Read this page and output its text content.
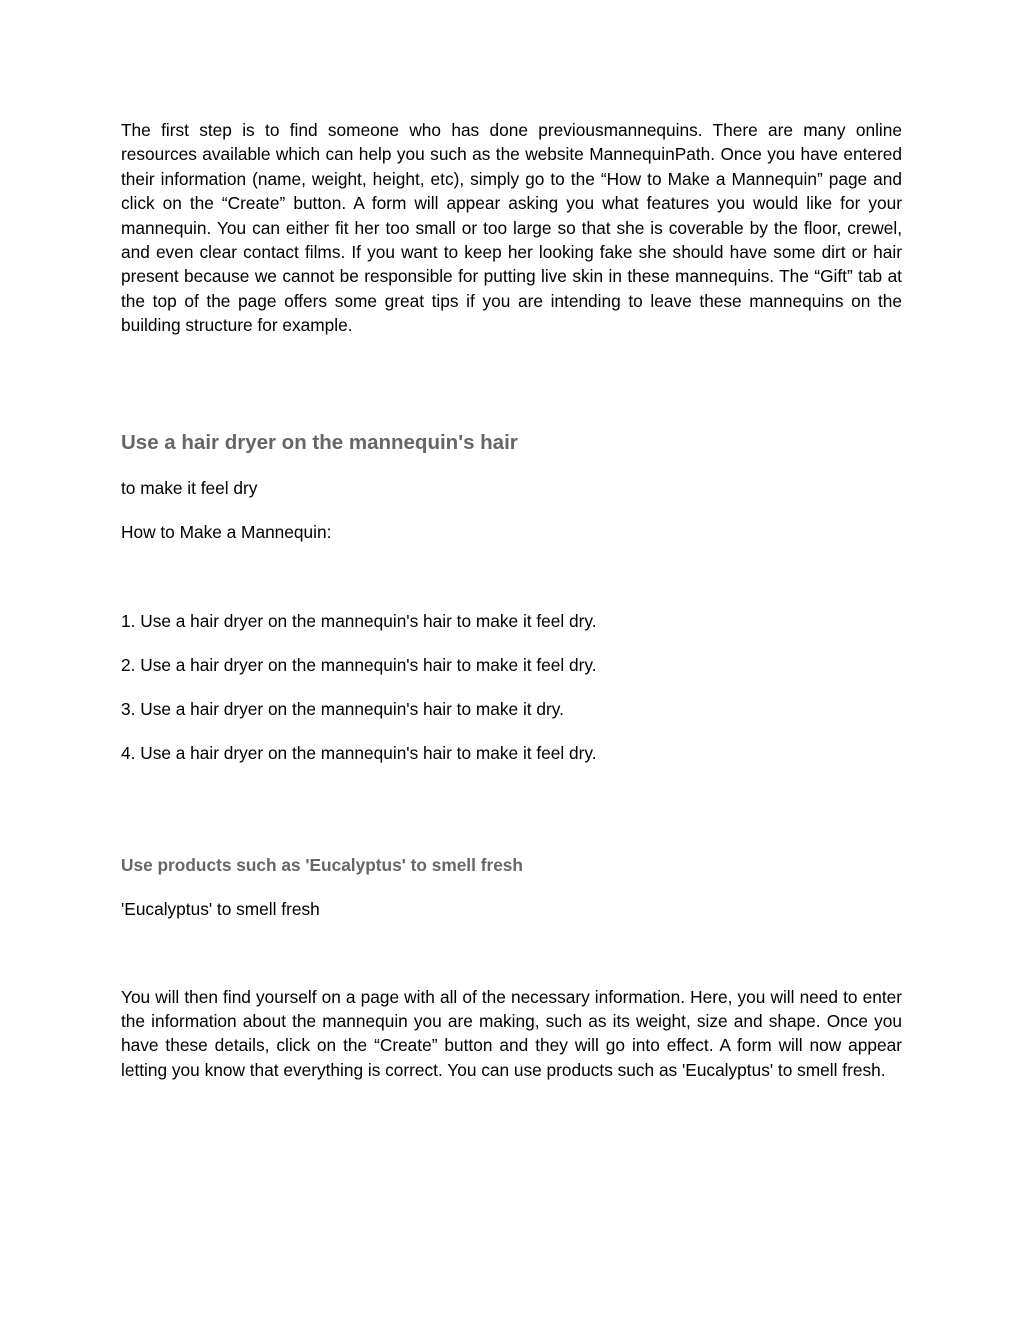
The first step is to find someone who has done previousmannequins. There are many online resources available which can help you such as the website MannequinPath. Once you have entered their information (name, weight, height, etc), simply go to the “How to Make a Mannequin” page and click on the “Create” button. A form will appear asking you what features you would like for your mannequin. You can either fit her too small or too large so that she is coverable by the floor, crewel, and even clear contact films. If you want to keep her looking fake she should have some dirt or hair present because we cannot be responsible for putting live skin in these mannequins. The “Gift” tab at the top of the page offers some great tips if you are intending to leave these mannequins on the building structure for example.

Use a hair dryer on the mannequin's hair

to make it feel dry

How to Make a Mannequin:

1. Use a hair dryer on the mannequin's hair to make it feel dry.
2. Use a hair dryer on the mannequin's hair to make it feel dry.
3. Use a hair dryer on the mannequin's hair to make it dry.
4. Use a hair dryer on the mannequin's hair to make it feel dry.
Use products such as 'Eucalyptus' to smell fresh

'Eucalyptus' to smell fresh

You will then find yourself on a page with all of the necessary information. Here, you will need to enter the information about the mannequin you are making, such as its weight, size and shape. Once you have these details, click on the “Create” button and they will go into effect. A form will now appear letting you know that everything is correct. You can use products such as 'Eucalyptus' to smell fresh.
